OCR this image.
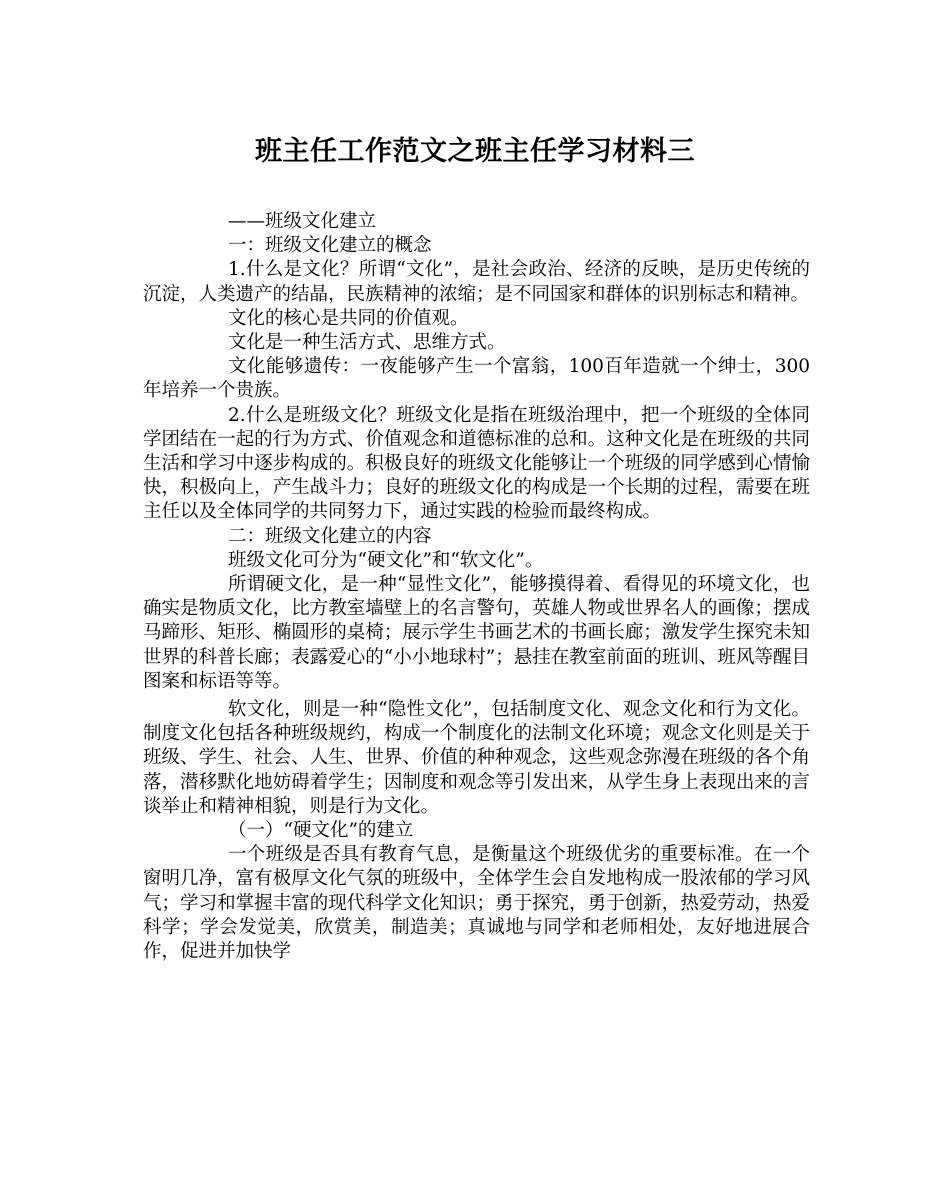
班主任工作范文之班主任学习材料三

——班级文化建立

一：班级文化建立的概念

1.什么是文化？所谓“文化”，是社会政治、经济的反映，是历史传统的沉淀，人类遗产的结晶，民族精神的浓缩；是不同国家和群体的识别标志和精神。

文化的核心是共同的价值观。

文化是一种生活方式、思维方式。

文化能够遗传：一夜能够产生一个富翁，100百年造就一个绅士，300年培养一个贵族。

2.什么是班级文化？班级文化是指在班级治理中，把一个班级的全体同学团结在一起的行为方式、价值观念和道德标准的总和。这种文化是在班级的共同生活和学习中逐步构成的。积极良好的班级文化能够让一个班级的同学感到心情愉快，积极向上，产生战斗力；良好的班级文化的构成是一个长期的过程，需要在班主任以及全体同学的共同努力下，通过实践的检验而最终构成。

二：班级文化建立的内容

班级文化可分为“硬文化”和“软文化”。

所谓硬文化，是一种“显性文化”，能够摸得着、看得见的环境文化，也确实是物质文化，比方教室墙壁上的名言警句，英雄人物或世界名人的画像；摆成马蹄形、矩形、椭圆形的桌椅；展示学生书画艺术的书画长廊；激发学生探究未知世界的科普长廊；表露爱心的“小小地球村”；悬挂在教室前面的班训、班风等醒目图案和标语等等。

软文化，则是一种“隐性文化”，包括制度文化、观念文化和行为文化。制度文化包括各种班级规约，构成一个制度化的法制文化环境；观念文化则是关于班级、学生、社会、人生、世界、价值的种种观念，这些观念弥漫在班级的各个角落，潜移默化地妨碍着学生；因制度和观念等引发出来，从学生身上表现出来的言谈举止和精神相貌，则是行为文化。

（一）“硬文化”的建立

一个班级是否具有教育气息，是衡量这个班级优劣的重要标准。在一个窗明几净，富有极厚文化气氛的班级中，全体学生会自发地构成一股浓郁的学习风气；学习和掌握丰富的现代科学文化知识；勇于探究，勇于创新，热爱劳动，热爱科学；学会发觉美，欣赏美，制造美；真诚地与同学和老师相处，友好地进展合作，促进并加快学
